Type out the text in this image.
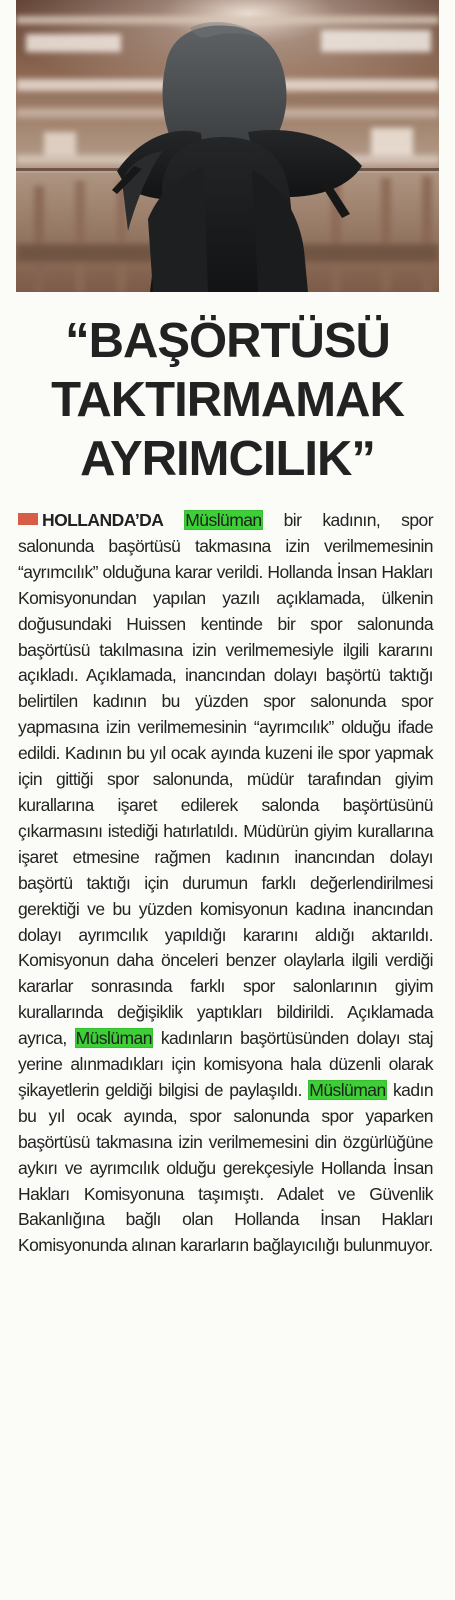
“BAŞÖRTÜSÜ
TAKTIRMAMAK
AYRIMCILIK”

HOLLANDA’DA Müslüman bir kadının, spor salonunda başörtüsü takmasına izin verilmemesinin “ayrımcılık” olduğuna karar verildi. Hollanda İnsan Hakları Komisyonundan yapılan yazılı açıklamada, ülkenin doğusundaki Huissen kentinde bir spor salonunda başörtüsü takılmasına izin verilmemesiyle ilgili kararını açıkladı. Açıklamada, inancından dolayı başörtü taktığı belirtilen kadının bu yüzden spor salonunda spor yapmasına izin verilmemesinin “ayrımcılık” olduğu ifade edildi. Kadının bu yıl ocak ayında kuzeni ile spor yapmak için gittiği spor salonunda, müdür tarafından giyim kurallarına işaret edilerek salonda başörtüsünü çıkarmasını istediği hatırlatıldı. Müdürün giyim kurallarına işaret etmesine rağmen kadının inancından dolayı başörtü taktığı için durumun farklı değerlendirilmesi gerektiği ve bu yüzden komisyonun kadına inancından dolayı ayrımcılık yapıldığı kararını aldığı aktarıldı. Komisyonun daha önceleri benzer olaylarla ilgili verdiği kararlar sonrasında farklı spor salonlarının giyim kurallarında değişiklik yaptıkları bildirildi. Açıklamada ayrıca, Müslüman kadınların başörtüsünden dolayı staj yerine alınmadıkları için komisyona hala düzenli olarak şikayetlerin geldiği bilgisi de paylaşıldı. Müslüman kadın bu yıl ocak ayında, spor salonunda spor yaparken başörtüsü takmasına izin verilmemesini din özgürlüğüne aykırı ve ayrımcılık olduğu gerekçesiyle Hollanda İnsan Hakları Komisyonuna taşımıştı. Adalet ve Güvenlik Bakanlığına bağlı olan Hollanda İnsan Hakları Komisyonunda alınan kararların bağlayıcılığı bulunmuyor.
